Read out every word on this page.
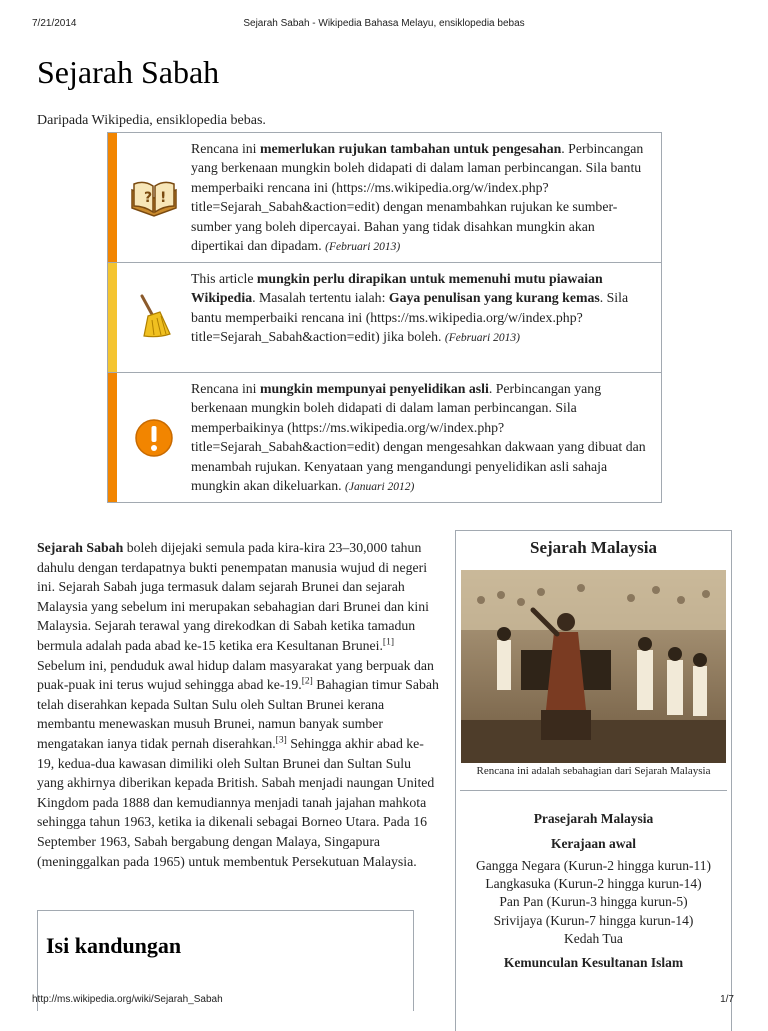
7/21/2014	Sejarah Sabah - Wikipedia Bahasa Melayu, ensiklopedia bebas
Sejarah Sabah
Daripada Wikipedia, ensiklopedia bebas.
? !
Rencana ini memerlukan rujukan tambahan untuk pengesahan. Perbincangan yang berkenaan mungkin boleh didapati di dalam laman perbincangan. Sila bantu memperbaiki rencana ini (https://ms.wikipedia.org/w/index.php?title=Sejarah_Sabah&action=edit) dengan menambahkan rujukan ke sumber-sumber yang boleh dipercayai. Bahan yang tidak disahkan mungkin akan dipertikai dan dipadam. (Februari 2013)
This article mungkin perlu dirapikan untuk memenuhi mutu piawaian Wikipedia. Masalah tertentu ialah: Gaya penulisan yang kurang kemas. Sila bantu memperbaiki rencana ini (https://ms.wikipedia.org/w/index.php?title=Sejarah_Sabah&action=edit) jika boleh. (Februari 2013)
Rencana ini mungkin mempunyai penyelidikan asli. Perbincangan yang berkenaan mungkin boleh didapati di dalam laman perbincangan. Sila memperbaikinya (https://ms.wikipedia.org/w/index.php?title=Sejarah_Sabah&action=edit) dengan mengesahkan dakwaan yang dibuat dan menambah rujukan. Kenyataan yang mengandungi penyelidikan asli sahaja mungkin akan dikeluarkan. (Januari 2012)
Sejarah Sabah boleh dijejaki semula pada kira-kira 23–30,000 tahun dahulu dengan terdapatnya bukti penempatan manusia wujud di negeri ini. Sejarah Sabah juga termasuk dalam sejarah Brunei dan sejarah Malaysia yang sebelum ini merupakan sebahagian dari Brunei dan kini Malaysia. Sejarah terawal yang direkodkan di Sabah ketika tamadun bermula adalah pada abad ke-15 ketika era Kesultanan Brunei.[1] Sebelum ini, penduduk awal hidup dalam masyarakat yang berpuak dan puak-puak ini terus wujud sehingga abad ke-19.[2] Bahagian timur Sabah telah diserahkan kepada Sultan Sulu oleh Sultan Brunei kerana membantu menewaskan musuh Brunei, namun banyak sumber mengatakan ianya tidak pernah diserahkan.[3] Sehingga akhir abad ke-19, kedua-dua kawasan dimiliki oleh Sultan Brunei dan Sultan Sulu yang akhirnya diberikan kepada British. Sabah menjadi naungan United Kingdom pada 1888 dan kemudiannya menjadi tanah jajahan mahkota sehingga tahun 1963, ketika ia dikenali sebagai Borneo Utara. Pada 16 September 1963, Sabah bergabung dengan Malaya, Singapura (meninggalkan pada 1965) untuk membentuk Persekutuan Malaysia.
Isi kandungan
Sejarah Malaysia
Rencana ini adalah sebahagian dari Sejarah Malaysia
Prasejarah Malaysia
Kerajaan awal
Gangga Negara (Kurun-2 hingga kurun-11)
Langkasuka (Kurun-2 hingga kurun-14)
Pan Pan (Kurun-3 hingga kurun-5)
Srivijaya (Kurun-7 hingga kurun-14)
Kedah Tua
Kemunculan Kesultanan Islam
http://ms.wikipedia.org/wiki/Sejarah_Sabah	1/7
